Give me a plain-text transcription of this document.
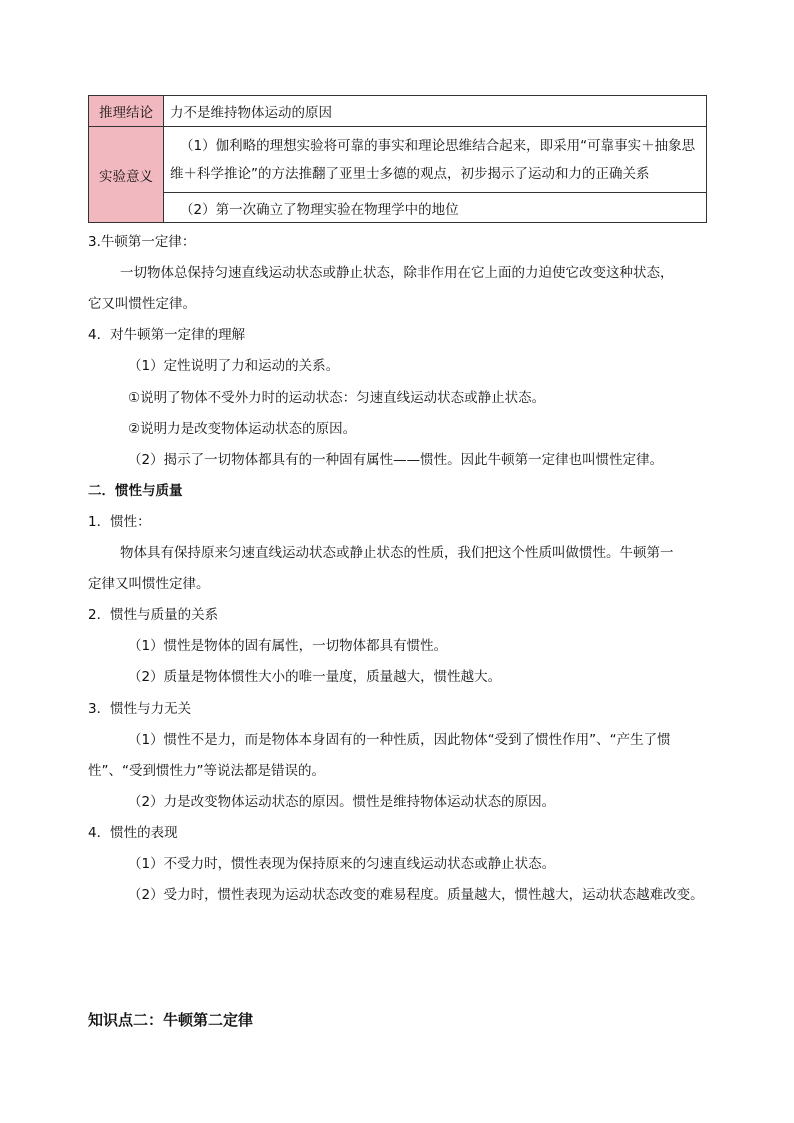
推理结论	力不是维持物体运动的原因
实验意义	（1）伽利略的理想实验将可靠的事实和理论思维结合起来，即采用“可靠事实＋抽象思
维＋科学推论”的方法推翻了亚里士多德的观点，初步揭示了运动和力的正确关系

	（2）第一次确立了物理实验在物理学中的地位
3.牛顿第一定律：
一切物体总保持匀速直线运动状态或静止状态，除非作用在它上面的力迫使它改变这种状态，
它又叫惯性定律。
4．对牛顿第一定律的理解
（1）定性说明了力和运动的关系。
①说明了物体不受外力时的运动状态：匀速直线运动状态或静止状态。
②说明力是改变物体运动状态的原因。
（2）揭示了一切物体都具有的一种固有属性——惯性。因此牛顿第一定律也叫惯性定律。
二．惯性与质量
1．惯性：
物体具有保持原来匀速直线运动状态或静止状态的性质，我们把这个性质叫做惯性。牛顿第一
定律又叫惯性定律。
2．惯性与质量的关系
（1）惯性是物体的固有属性，一切物体都具有惯性。
（2）质量是物体惯性大小的唯一量度，质量越大，惯性越大。
3．惯性与力无关
（1）惯性不是力，而是物体本身固有的一种性质，因此物体“受到了惯性作用”、“产生了惯
性”、“受到惯性力”等说法都是错误的。
（2）力是改变物体运动状态的原因。惯性是维持物体运动状态的原因。
4．惯性的表现
（1）不受力时，惯性表现为保持原来的匀速直线运动状态或静止状态。
（2）受力时，惯性表现为运动状态改变的难易程度。质量越大，惯性越大，运动状态越难改变。
知识点二：牛顿第二定律
